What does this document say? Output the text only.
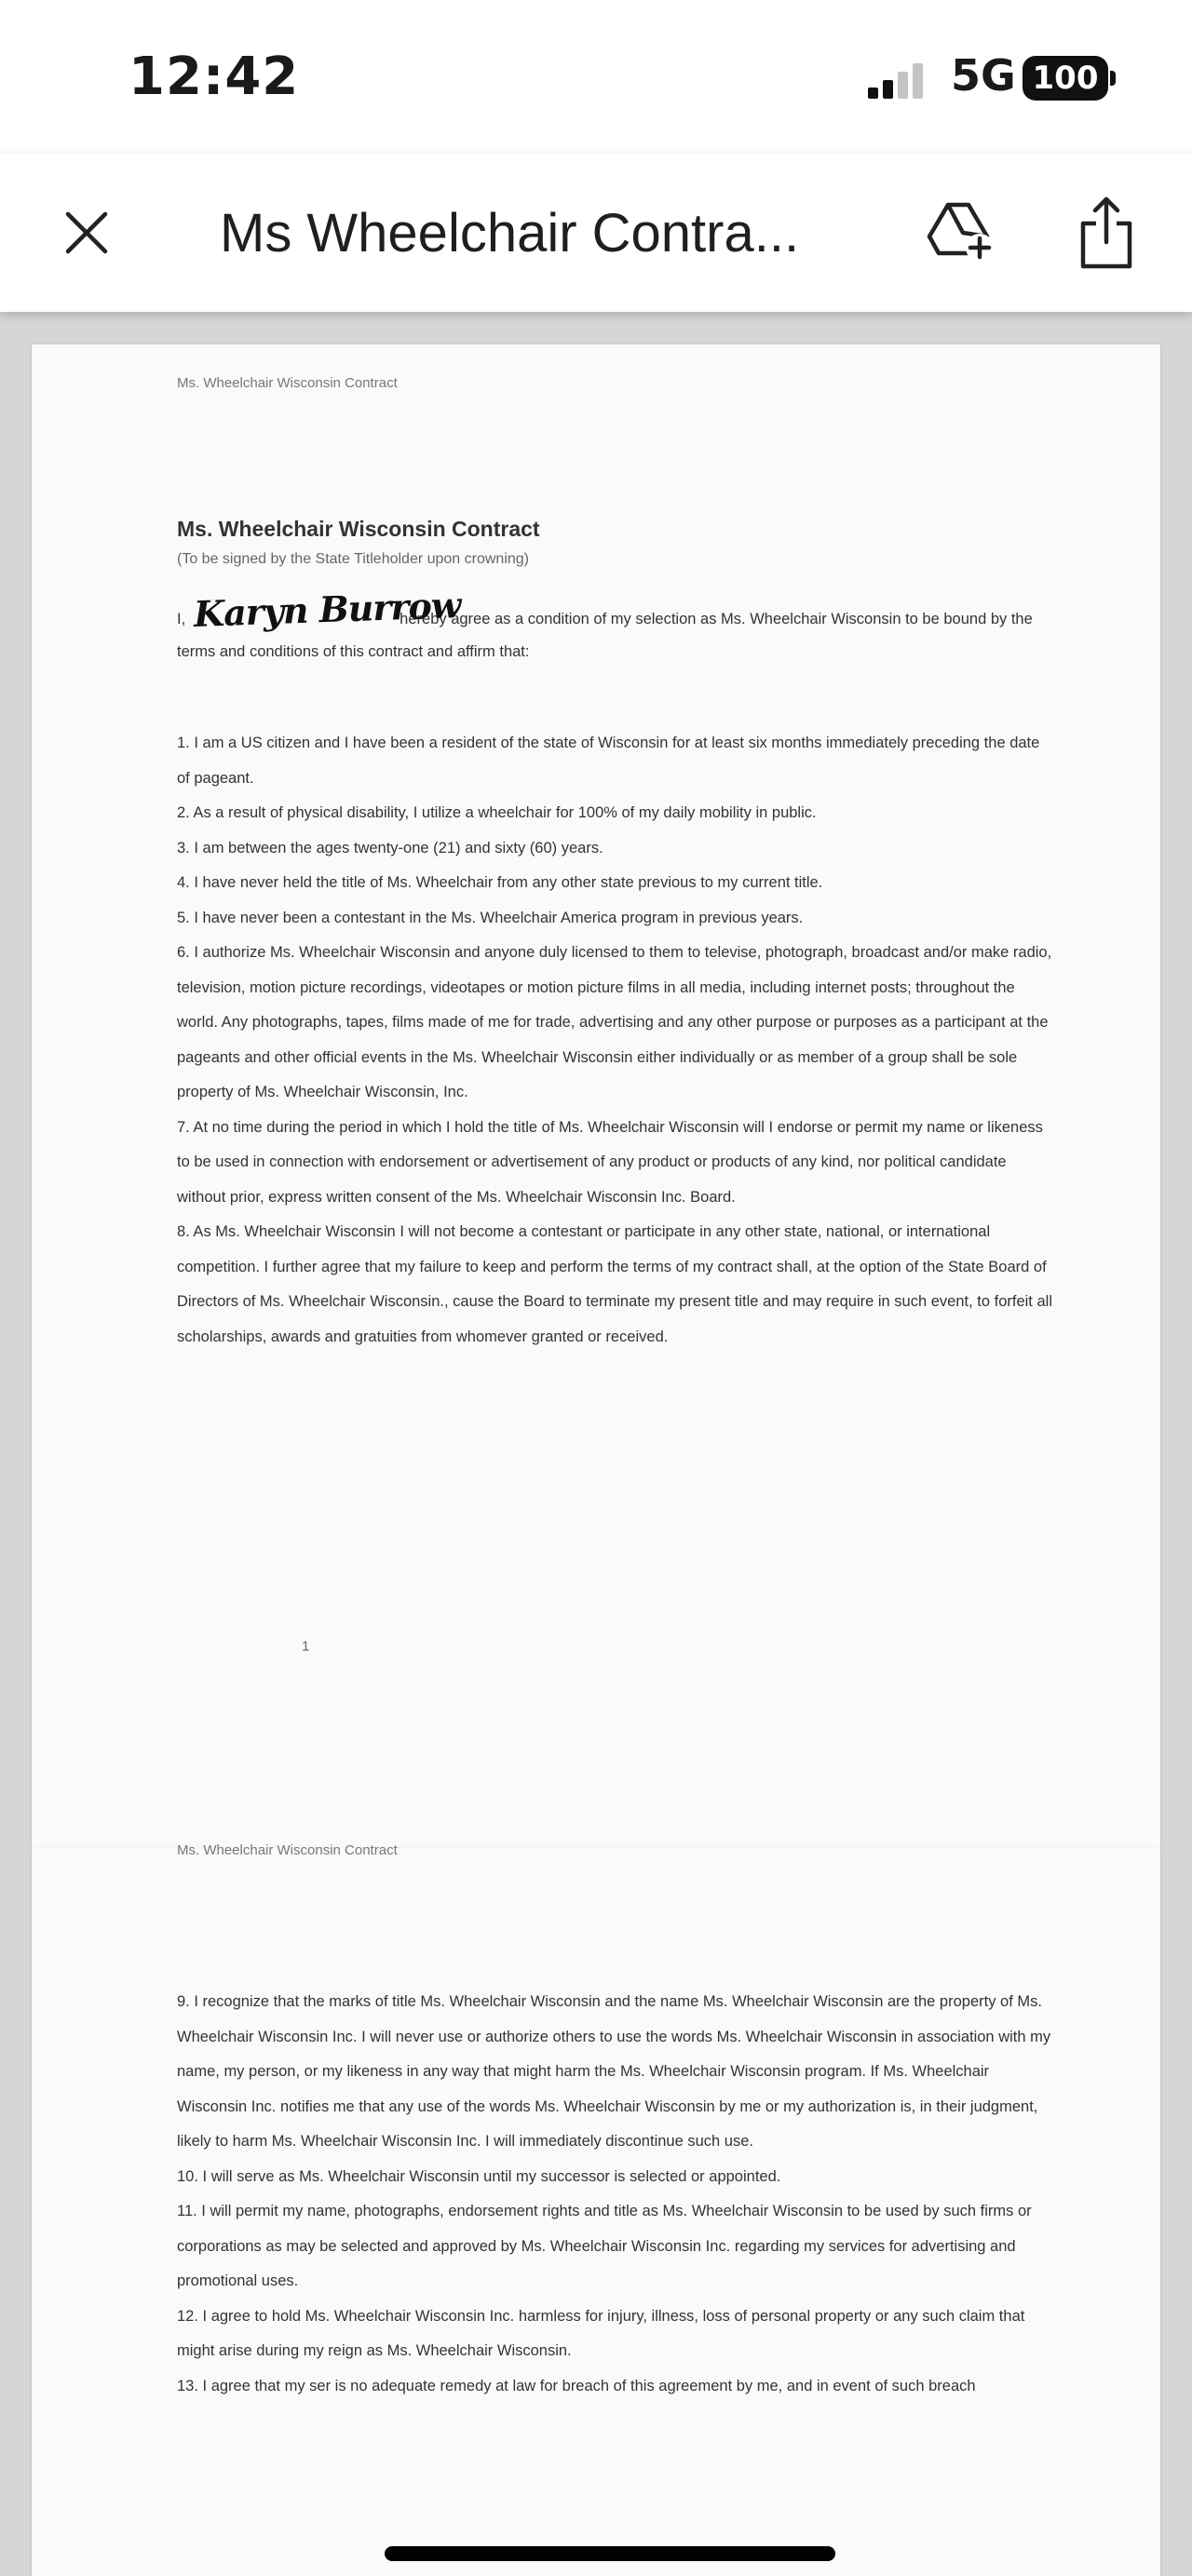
12:42	5G 100
Ms Wheelchair Contra...
Ms. Wheelchair Wisconsin Contract
Ms. Wheelchair Wisconsin Contract
(To be signed by the State Titleholder upon crowning)
I,	hereby agree as a condition of my selection as Ms. Wheelchair Wisconsin to be bound by the terms and conditions of this contract and affirm that:
Karyn Burrow
1. I am a US citizen and I have been a resident of the state of Wisconsin for at least six months immediately preceding the date of pageant.
2. As a result of physical disability, I utilize a wheelchair for 100% of my daily mobility in public.
3. I am between the ages twenty-one (21) and sixty (60) years.
4. I have never held the title of Ms. Wheelchair from any other state previous to my current title.
5. I have never been a contestant in the Ms. Wheelchair America program in previous years.
6. I authorize Ms. Wheelchair Wisconsin and anyone duly licensed to them to televise, photograph, broadcast and/or make radio, television, motion picture recordings, videotapes or motion picture films in all media, including internet posts; throughout the world. Any photographs, tapes, films made of me for trade, advertising and any other purpose or purposes as a participant at the pageants and other official events in the Ms. Wheelchair Wisconsin either individually or as member of a group shall be sole property of Ms. Wheelchair Wisconsin, Inc.
7. At no time during the period in which I hold the title of Ms. Wheelchair Wisconsin will I endorse or permit my name or likeness to be used in connection with endorsement or advertisement of any product or products of any kind, nor political candidate without prior, express written consent of the Ms. Wheelchair Wisconsin Inc. Board.
8. As Ms. Wheelchair Wisconsin I will not become a contestant or participate in any other state, national, or international competition. I further agree that my failure to keep and perform the terms of my contract shall, at the option of the State Board of Directors of Ms. Wheelchair Wisconsin., cause the Board to terminate my present title and may require in such event, to forfeit all scholarships, awards and gratuities from whomever granted or received.
1
Ms. Wheelchair Wisconsin Contract
9. I recognize that the marks of title Ms. Wheelchair Wisconsin and the name Ms. Wheelchair Wisconsin are the property of Ms. Wheelchair Wisconsin Inc. I will never use or authorize others to use the words Ms. Wheelchair Wisconsin in association with my name, my person, or my likeness in any way that might harm the Ms. Wheelchair Wisconsin program. If Ms. Wheelchair Wisconsin Inc. notifies me that any use of the words Ms. Wheelchair Wisconsin by me or my authorization is, in their judgment, likely to harm Ms. Wheelchair Wisconsin Inc. I will immediately discontinue such use.
10. I will serve as Ms. Wheelchair Wisconsin until my successor is selected or appointed.
11. I will permit my name, photographs, endorsement rights and title as Ms. Wheelchair Wisconsin to be used by such firms or corporations as may be selected and approved by Ms. Wheelchair Wisconsin Inc. regarding my services for advertising and promotional uses.
12. I agree to hold Ms. Wheelchair Wisconsin Inc. harmless for injury, illness, loss of personal property or any such claim that might arise during my reign as Ms. Wheelchair Wisconsin.
13. I agree that my ser is no adequate remedy at law for breach of this agreement by me, and in event of such breach
